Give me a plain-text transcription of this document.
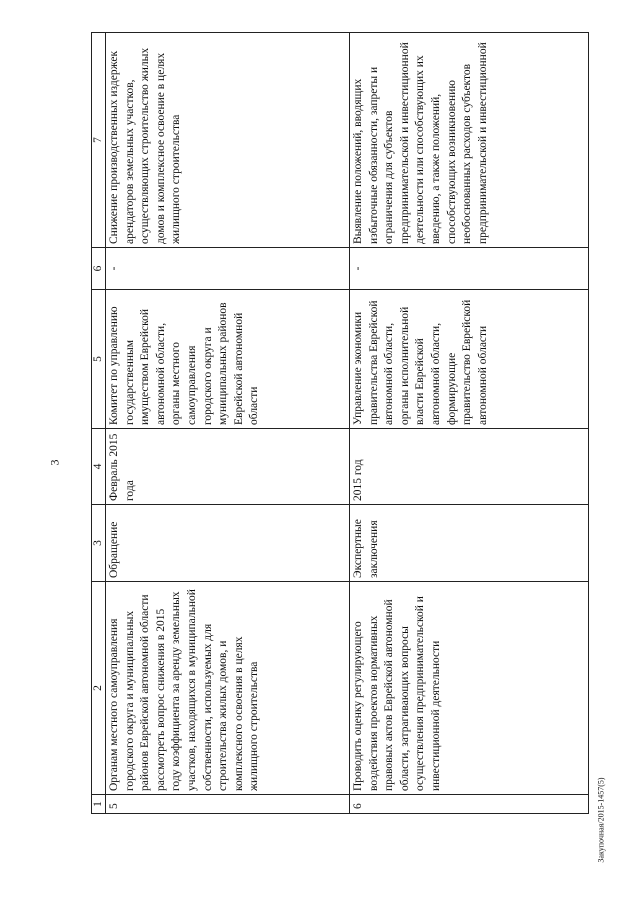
3
1	2	3	4	5	6	7
5	Органам местного самоуправления городского округа и муниципальных районов Еврейской автономной области рассмотреть вопрос снижения в 2015 году коэффициента за аренду земельных участков, находящихся в муниципальной собственности, используемых для строительства жилых домов, и комплексного освоения в целях жилищного строительства	Обращение	Февраль 2015 года	Комитет по управлению государственным имуществом Еврейской автономной области, органы местного самоуправления городского округа и муниципальных районов Еврейской автономной области	-	Снижение производственных издержек арендаторов земельных участков, осуществляющих строительство жилых домов и комплексное освоение в целях жилищного строительства
6	Проводить оценку регулирующего воздействия проектов нормативных правовых актов Еврейской автономной области, затрагивающих вопросы осуществления предпринимательской и инвестиционной деятельности	Экспертные заключения	2015 год	Управление экономики правительства Еврейской автономной области, органы исполнительной власти Еврейской автономной области, формирующие правительство Еврейской автономной области	-	Выявление положений, вводящих избыточные обязанности, запреты и ограничения для субъектов предпринимательской и инвестиционной деятельности или способствующих их введению, а также положений, способствующих возникновению необоснованных расходов субъектов предпринимательской и инвестиционной
Закупочная/2015-1457(5)
